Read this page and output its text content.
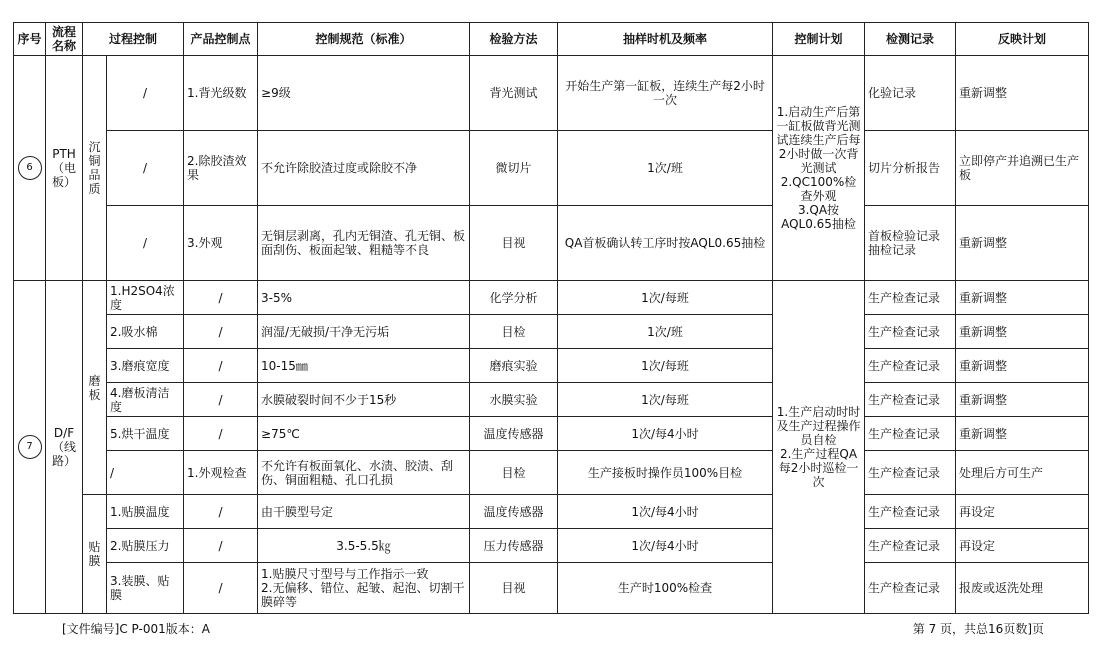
序号	流程名称	过程控制		产品控制点	控制规范（标准）	检验方法	抽样时机及频率	控制计划	检测记录	反映计划
6	PTH（电板）	沉铜品质	/	1.背光级数	≥9级	背光测试	开始生产第一缸板，连续生产每2小时一次	1.启动生产后第一缸板做背光测试连续生产后每2小时做一次背光测试
2.QC100%检查外观
3.QA按AQL0.65抽检	化验记录	重新调整
			/	2.除胶渣效果	不允许除胶渣过度或除胶不净	微切片	1次/班		切片分析报告	立即停产并追溯已生产板
			/	3.外观	无铜层剥离，孔内无铜渣、孔无铜、板面刮伤、板面起皱、粗糙等不良	目视	QA首板确认转工序时按AQL0.65抽检		首板检验记录
抽检记录	重新调整
7	D/F（线路）	磨板	1.H2SO4浓度	/	3-5%	化学分析	1次/每班	1.生产启动时时及生产过程操作员自检
2.生产过程QA每2小时巡检一次	生产检查记录	重新调整
			2.吸水棉	/	润湿/无破损/干净无污垢	目检	1次/班		生产检查记录	重新调整
			3.磨痕宽度	/	10-15㎜	磨痕实验	1次/每班		生产检查记录	重新调整
			4.磨板清洁度	/	水膜破裂时间不少于15秒	水膜实验	1次/每班		生产检查记录	重新调整
			5.烘干温度	/	≥75℃	温度传感器	1次/每4小时		生产检查记录	重新调整
			/	1.外观检查	不允许有板面氧化、水渍、胶渍、刮伤、铜面粗糙、孔口孔损	目检	生产接板时操作员100%目检		生产检查记录	处理后方可生产
		贴膜	1.贴膜温度	/	由干膜型号定	温度传感器	1次/每4小时		生产检查记录	再设定
			2.贴膜压力	/	3.5-5.5㎏	压力传感器	1次/每4小时		生产检查记录	再设定
			3.装膜、贴膜	/	1.贴膜尺寸型号与工作指示一致
2.无偏移、错位、起皱、起泡、切割干膜碎等	目视	生产时100%检查		生产检查记录	报废或返洗处理
[文件编号]C P-001版本：A	第 7 页，共总16页数]页
